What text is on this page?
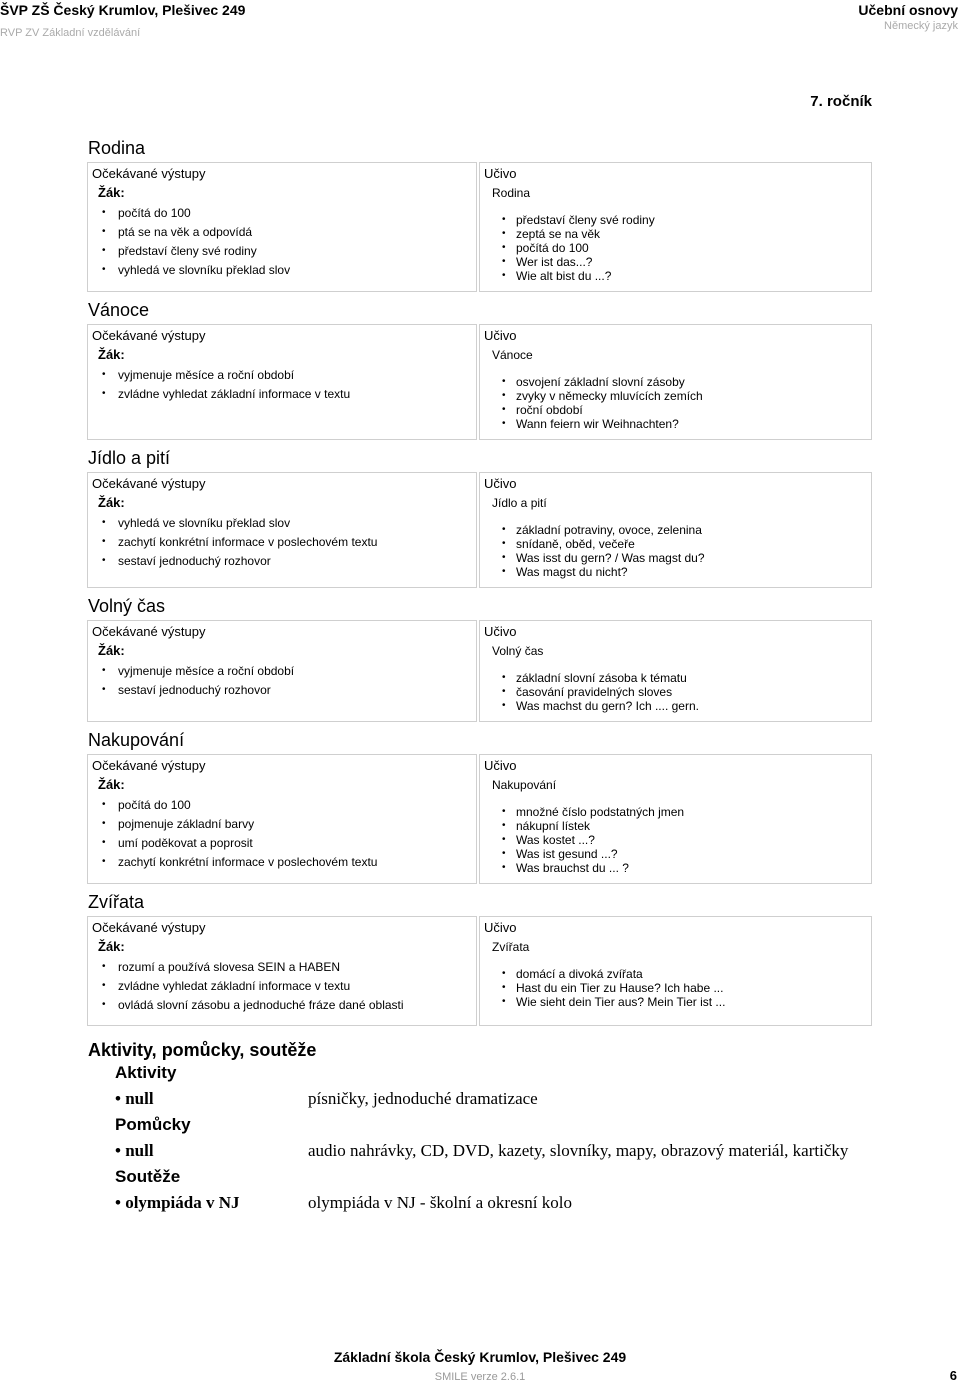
ŠVP ZŠ Český Krumlov, Plešivec 249
RVP ZV Základní vzdělávání
Učební osnovy
Německý jazyk
7. ročník
Rodina
Očekávané výstupy
Žák:
• počítá do 100
• ptá se na věk a odpovídá
• představí členy své rodiny
• vyhledá ve slovníku překlad slov
Učivo
Rodina
• představí členy své rodiny
• zeptá se na věk
• počítá do 100
• Wer ist das...?
• Wie alt bist du ...?
Vánoce
Očekávané výstupy
Žák:
• vyjmenuje měsíce a roční období
• zvládne vyhledat základní informace v textu
Učivo
Vánoce
• osvojení základní slovní zásoby
• zvyky v německy mluvících zemích
• roční období
• Wann feiern wir Weihnachten?
Jídlo a pití
Očekávané výstupy
Žák:
• vyhledá ve slovníku překlad slov
• zachytí konkrétní informace v poslechovém textu
• sestaví jednoduchý rozhovor
Učivo
Jídlo a pití
• základní potraviny, ovoce, zelenina
• snídaně, oběd, večeře
• Was isst du gern? / Was magst du?
• Was magst du nicht?
Volný čas
Očekávané výstupy
Žák:
• vyjmenuje měsíce a roční období
• sestaví jednoduchý rozhovor
Učivo
Volný čas
• základní slovní zásoba k tématu
• časování pravidelných sloves
• Was machst du gern? Ich .... gern.
Nakupování
Očekávané výstupy
Žák:
• počítá do 100
• pojmenuje základní barvy
• umí poděkovat a poprosit
• zachytí konkrétní informace v poslechovém textu
Učivo
Nakupování
• množné číslo podstatných jmen
• nákupní lístek
• Was kostet ...?
• Was ist gesund ...?
• Was brauchst du ... ?
Zvířata
Očekávané výstupy
Žák:
• rozumí a používá slovesa SEIN a HABEN
• zvládne vyhledat základní informace v textu
• ovládá slovní zásobu a jednoduché fráze dané oblasti
Učivo
Zvířata
• domácí a divoká zvířata
• Hast du ein Tier zu Hause? Ich habe ...
• Wie sieht dein Tier aus? Mein Tier ist ...
Aktivity, pomůcky, soutěže
Aktivity
• null	písničky, jednoduché dramatizace
Pomůcky
• null	audio nahrávky, CD, DVD, kazety, slovníky, mapy, obrazový materiál, kartičky
Soutěže
• olympiáda v NJ	olympiáda v NJ - školní a okresní kolo
Základní škola Český Krumlov, Plešivec 249
SMILE verze 2.6.1	6
